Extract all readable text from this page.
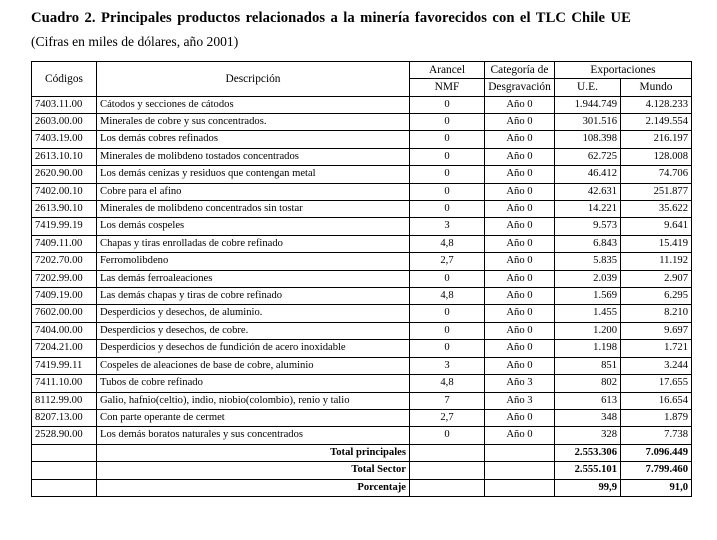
Cuadro 2. Principales productos relacionados a la minería favorecidos con el TLC Chile UE
(Cifras en miles de dólares, año 2001)
Códigos	Descripción	Arancel	Categoría de	Exportaciones	
		NMF	Desgravación	U.E.	Mundo
7403.11.00	Cátodos y secciones de cátodos	0	Año 0	1.944.749	4.128.233
2603.00.00	Minerales de cobre y sus concentrados.	0	Año 0	301.516	2.149.554
7403.19.00	Los demás cobres refinados	0	Año 0	108.398	216.197
2613.10.10	Minerales de molibdeno tostados concentrados	0	Año 0	62.725	128.008
2620.90.00	Los demás cenizas y residuos que contengan metal	0	Año 0	46.412	74.706
7402.00.10	Cobre para el afino	0	Año 0	42.631	251.877
2613.90.10	Minerales de molibdeno concentrados sin tostar	0	Año 0	14.221	35.622
7419.99.19	Los demás cospeles	3	Año 0	9.573	9.641
7409.11.00	Chapas y tiras enrolladas de cobre refinado	4,8	Año 0	6.843	15.419
7202.70.00	Ferromolibdeno	2,7	Año 0	5.835	11.192
7202.99.00	Las demás ferroaleaciones	0	Año 0	2.039	2.907
7409.19.00	Las demás chapas y tiras de cobre refinado	4,8	Año 0	1.569	6.295
7602.00.00	Desperdicios y desechos, de aluminio.	0	Año 0	1.455	8.210
7404.00.00	Desperdicios y desechos, de cobre.	0	Año 0	1.200	9.697
7204.21.00	Desperdicios y desechos de fundición de acero inoxidable	0	Año 0	1.198	1.721
7419.99.11	Cospeles de aleaciones de base de cobre, aluminio	3	Año 0	851	3.244
7411.10.00	Tubos de cobre refinado	4,8	Año 3	802	17.655
8112.99.00	Galio, hafnio(celtio), indio, niobio(colombio), renio y talio	7	Año 3	613	16.654
8207.13.00	Con parte operante de cermet	2,7	Año 0	348	1.879
2528.90.00	Los demás boratos naturales y sus concentrados	0	Año 0	328	7.738
	Total principales			2.553.306	7.096.449
	Total Sector			2.555.101	7.799.460
	Porcentaje			99,9	91,0
